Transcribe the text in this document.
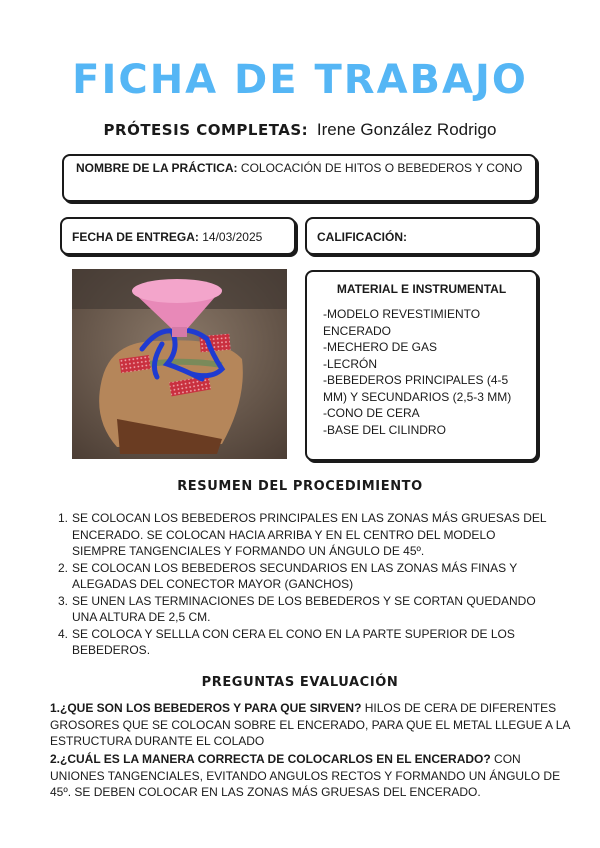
FICHA DE TRABAJO
PRÓTESIS COMPLETAS: Irene González Rodrigo
NOMBRE DE LA PRÁCTICA: COLOCACIÓN DE HITOS O BEBEDEROS Y CONO
FECHA DE ENTREGA: 14/03/2025	CALIFICACIÓN:
MATERIAL E INSTRUMENTAL
-MODELO REVESTIMIENTO ENCERADO
-MECHERO DE GAS
-LECRÓN
-BEBEDEROS PRINCIPALES (4-5 MM) Y SECUNDARIOS (2,5-3 MM)
-CONO DE CERA
-BASE DEL CILINDRO
RESUMEN DEL PROCEDIMIENTO
1. SE COLOCAN LOS BEBEDEROS PRINCIPALES EN LAS ZONAS MÁS GRUESAS DEL ENCERADO. SE COLOCAN HACIA ARRIBA Y EN EL CENTRO DEL MODELO SIEMPRE TANGENCIALES Y FORMANDO UN ÁNGULO DE 45º.
2. SE COLOCAN LOS BEBEDEROS SECUNDARIOS EN LAS ZONAS MÁS FINAS Y ALEGADAS DEL CONECTOR MAYOR (GANCHOS)
3. SE UNEN LAS TERMINACIONES DE LOS BEBEDEROS Y SE CORTAN QUEDANDO UNA ALTURA DE 2,5 CM.
4. SE COLOCA Y SELLLA CON CERA EL CONO EN LA PARTE SUPERIOR DE LOS BEBEDEROS.
PREGUNTAS EVALUACIÓN
1.¿QUE SON LOS BEBEDEROS Y PARA QUE SIRVEN? HILOS DE CERA DE DIFERENTES GROSORES QUE SE COLOCAN SOBRE EL ENCERADO, PARA QUE EL METAL LLEGUE A LA ESTRUCTURA DURANTE EL COLADO
2.¿CUÁL ES LA MANERA CORRECTA DE COLOCARLOS EN EL ENCERADO? CON UNIONES TANGENCIALES, EVITANDO ANGULOS RECTOS Y FORMANDO UN ÁNGULO DE 45º. SE DEBEN COLOCAR EN LAS ZONAS MÁS GRUESAS DEL ENCERADO.
